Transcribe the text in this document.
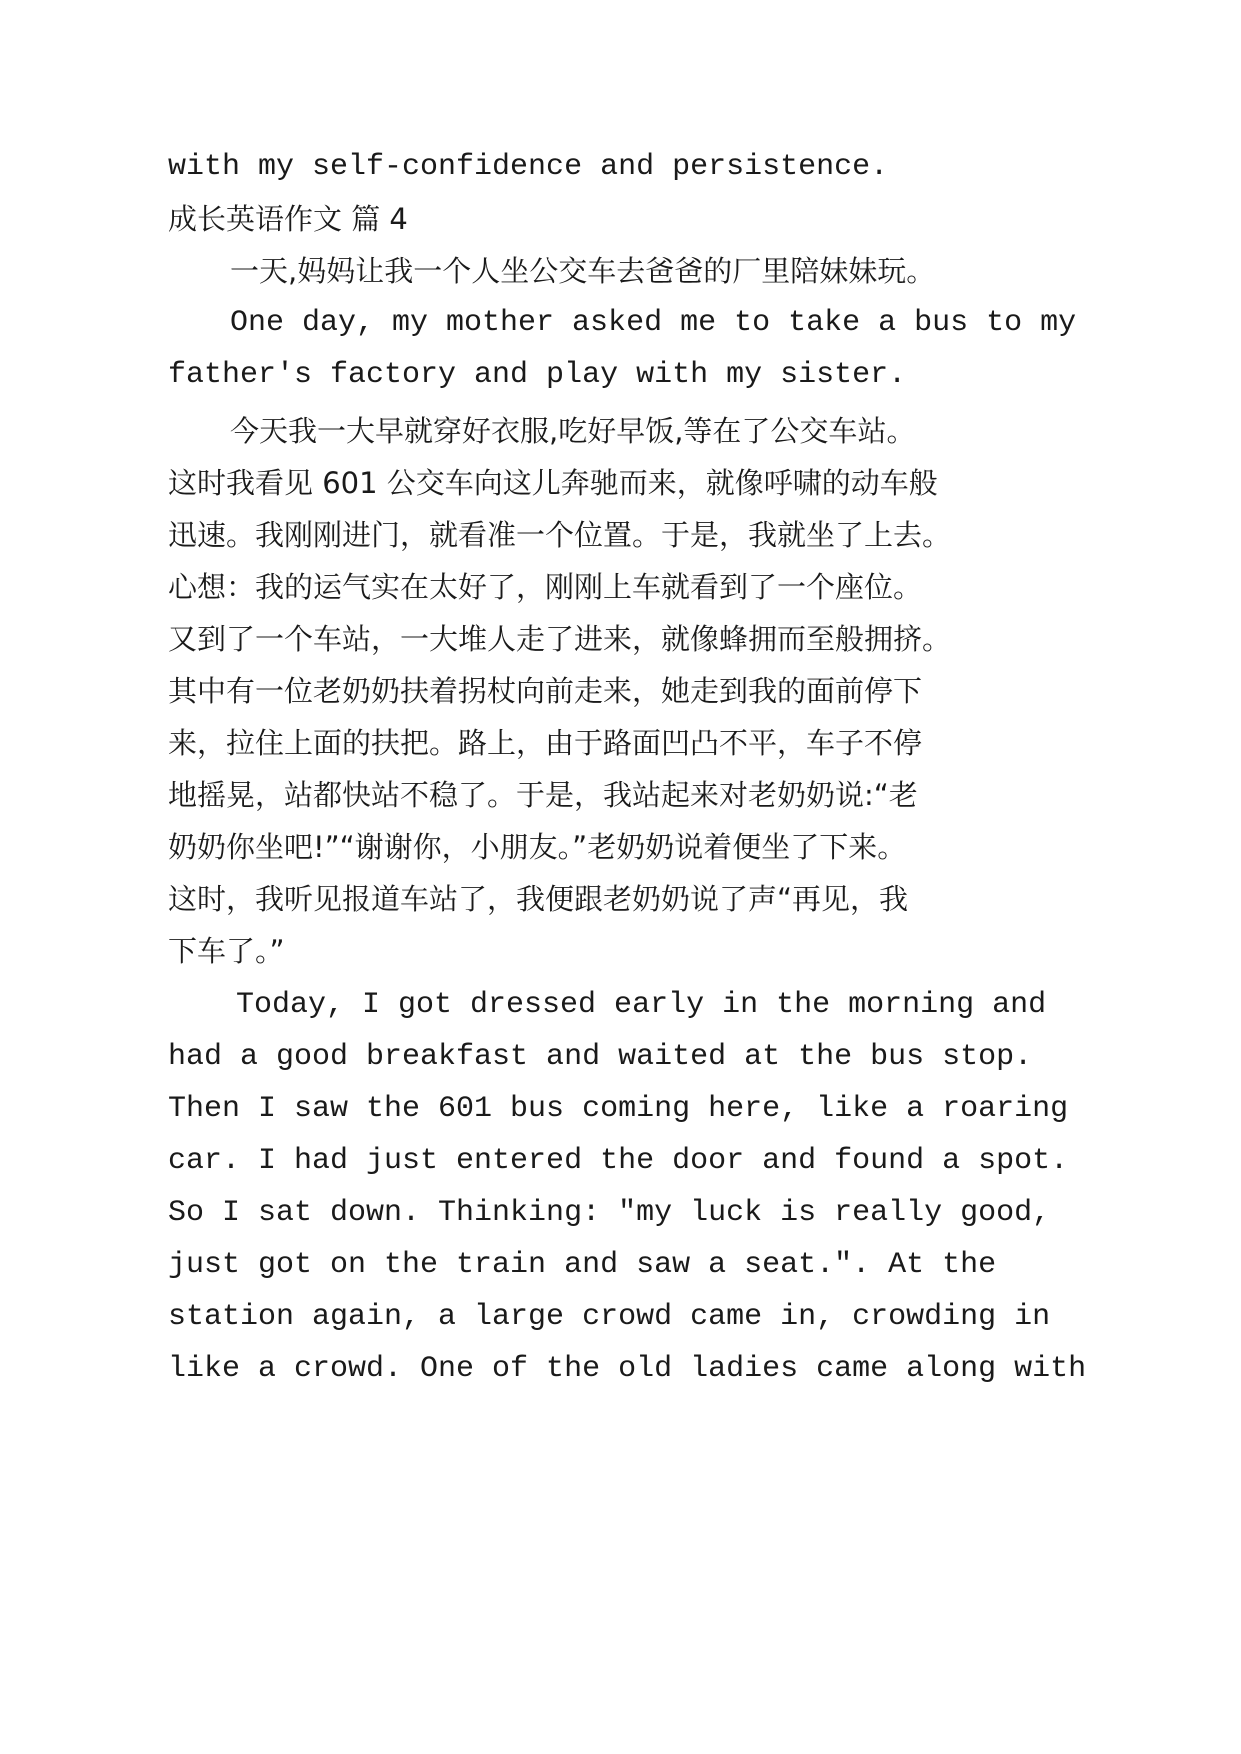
with my self-confidence and persistence.
成长英语作文 篇 4
一天,妈妈让我一个人坐公交车去爸爸的厂里陪妹妹玩。
One day, my mother asked me to take a bus to my
father's factory and play with my sister.
今天我一大早就穿好衣服,吃好早饭,等在了公交车站。
这时我看见 601 公交车向这儿奔驰而来，就像呼啸的动车般
迅速。我刚刚进门，就看准一个位置。于是，我就坐了上去。
心想：我的运气实在太好了，刚刚上车就看到了一个座位。
又到了一个车站，一大堆人走了进来，就像蜂拥而至般拥挤。
其中有一位老奶奶扶着拐杖向前走来，她走到我的面前停下
来，拉住上面的扶把。路上，由于路面凹凸不平，车子不停
地摇晃，站都快站不稳了。于是，我站起来对老奶奶说:“老
奶奶你坐吧!”“谢谢你，小朋友。”老奶奶说着便坐了下来。
这时，我听见报道车站了，我便跟老奶奶说了声“再见，我
下车了。”
Today, I got dressed early in the morning and
had a good breakfast and waited at the bus stop.
Then I saw the 601 bus coming here, like a roaring
car. I had just entered the door and found a spot.
So I sat down. Thinking: "my luck is really good,
just got on the train and saw a seat.". At the
station again, a large crowd came in, crowding in
like a crowd. One of the old ladies came along with
